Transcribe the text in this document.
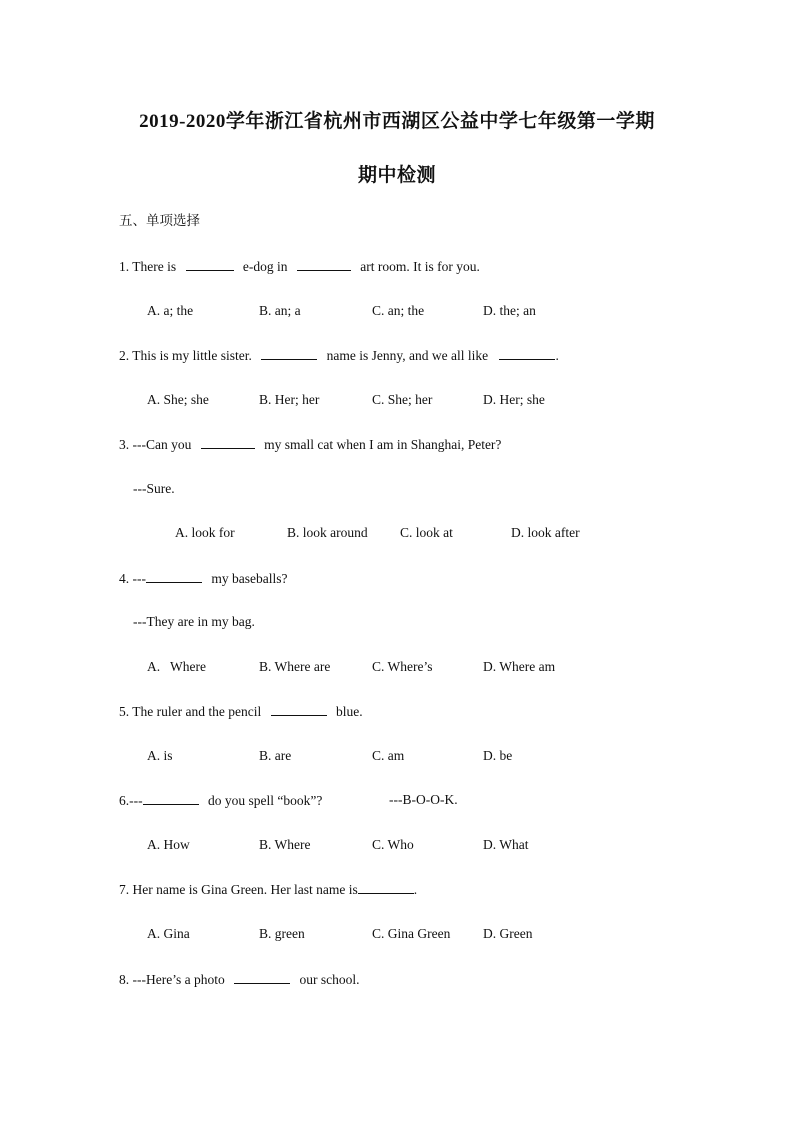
2019-2020学年浙江省杭州市西湖区公益中学七年级第一学期
期中检测
五、单项选择
1. There is	e-dog in	art room. It is for you.
A. a; the	B. an; a	C. an; the	D. the; an
2. This is my little sister.	name is Jenny, and we all like	.
A. She; she	B. Her; her	C. She; her	D. Her; she
3. ---Can you	my small cat when I am in Shanghai, Peter?
---Sure.
A. look for	B. look around C. look at	D. look after
4. ---	my baseballs?
---They are in my bag.
A.   Where	B. Where are	C. Where’s	D. Where am
5. The ruler and the pencil	blue.
A. is	B. are	C. am	D. be
6.---	do you spell “book”?	---B-O-O-K.
A. How	B. Where	C. Who	D. What
7. Her name is Gina Green. Her last name is	.
A. Gina	B. green	C. Gina Green D. Green
8. ---Here’s a photo	our school.
